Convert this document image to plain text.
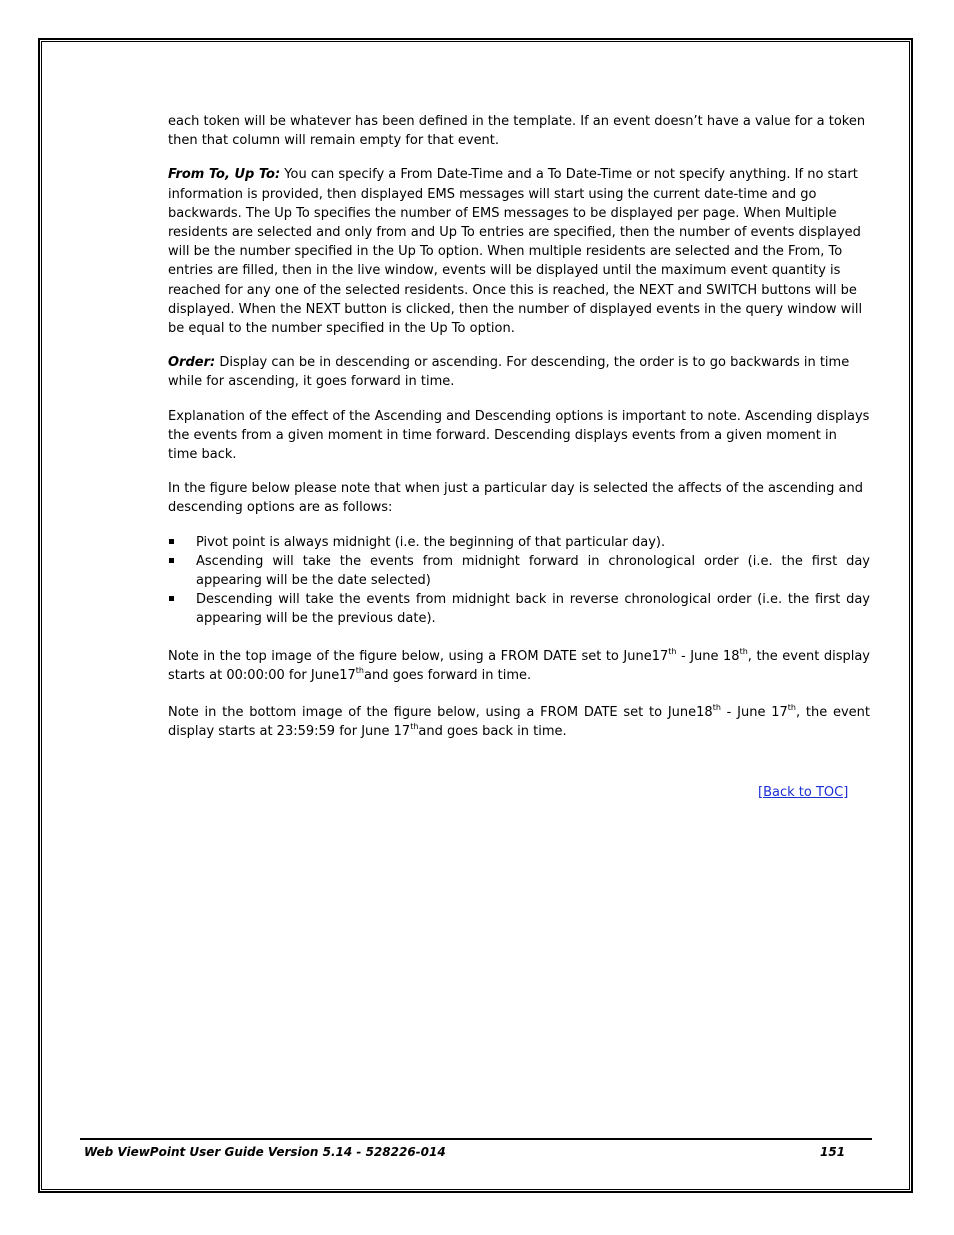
each token will be whatever has been defined in the template. If an event doesn’t have a value for a token then that column will remain empty for that event.

From To, Up To: You can specify a From Date-Time and a To Date-Time or not specify anything. If no start information is provided, then displayed EMS messages will start using the current date-time and go backwards. The Up To specifies the number of EMS messages to be displayed per page. When Multiple residents are selected and only from and Up To entries are specified, then the number of events displayed will be the number specified in the Up To option. When multiple residents are selected and the From, To entries are filled, then in the live window, events will be displayed until the maximum event quantity is reached for any one of the selected residents. Once this is reached, the NEXT and SWITCH buttons will be displayed. When the NEXT button is clicked, then the number of displayed events in the query window will be equal to the number specified in the Up To option.

Order: Display can be in descending or ascending. For descending, the order is to go backwards in time while for ascending, it goes forward in time.

Explanation of the effect of the Ascending and Descending options is important to note. Ascending displays the events from a given moment in time forward. Descending displays events from a given moment in time back.

In the figure below please note that when just a particular day is selected the affects of the ascending and descending options are as follows:

Pivot point is always midnight (i.e. the beginning of that particular day).
Ascending will take the events from midnight forward in chronological order (i.e. the first day appearing will be the date selected)
Descending will take the events from midnight back in reverse chronological order (i.e. the first day appearing will be the previous date).

Note in the top image of the figure below, using a FROM DATE set to June17th - June 18th, the event display starts at 00:00:00 for June17thand goes forward in time.

Note in the bottom image of the figure below, using a FROM DATE set to June18th - June 17th, the event display starts at 23:59:59 for June 17thand goes back in time.

[Back to TOC]
Web ViewPoint User Guide Version 5.14 - 528226-014	151
